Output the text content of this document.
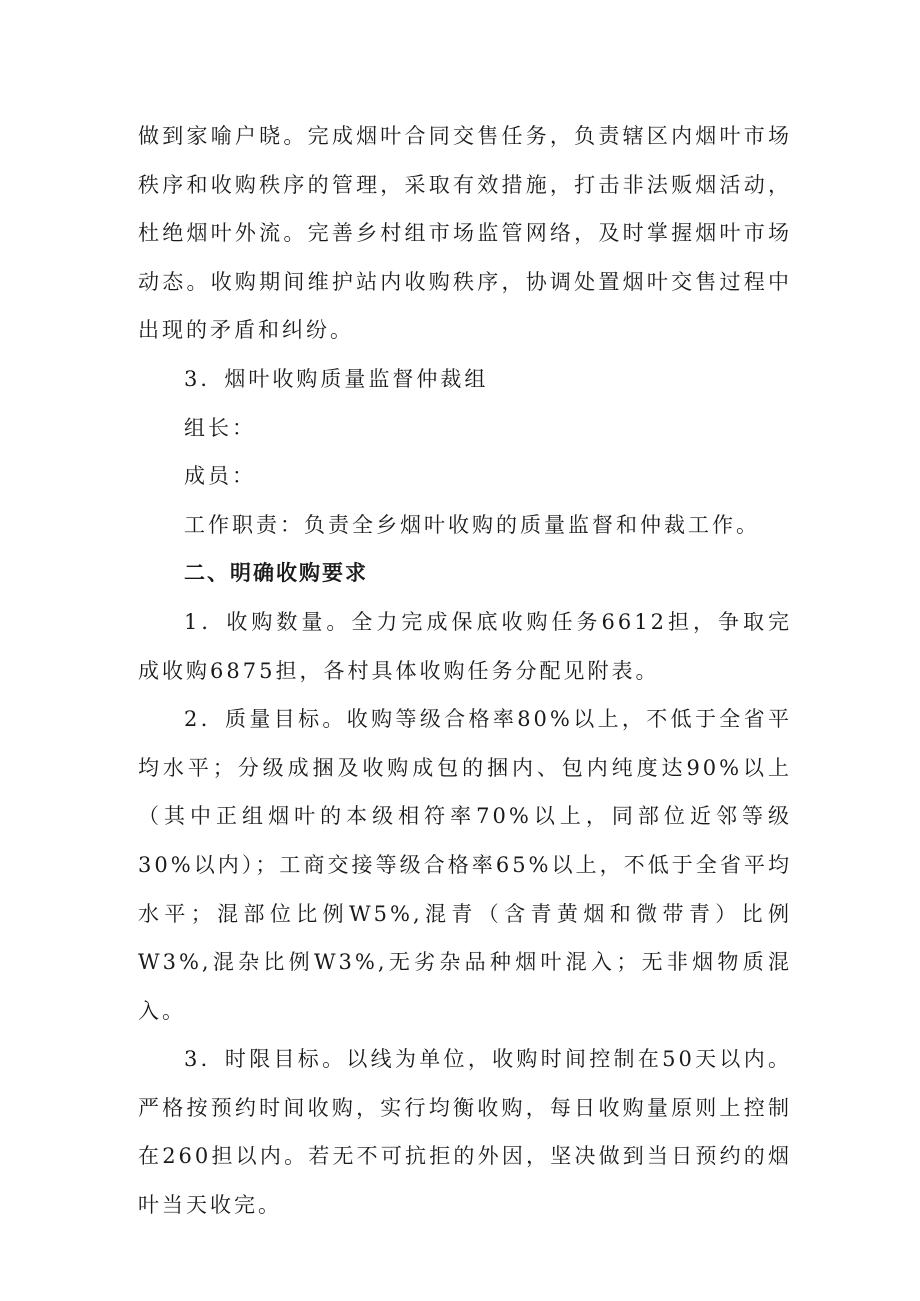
做到家喻户晓。完成烟叶合同交售任务，负责辖区内烟叶市场秩序和收购秩序的管理，采取有效措施，打击非法贩烟活动，杜绝烟叶外流。完善乡村组市场监管网络，及时掌握烟叶市场动态。收购期间维护站内收购秩序，协调处置烟叶交售过程中出现的矛盾和纠纷。

3．烟叶收购质量监督仲裁组

组长：

成员：

工作职责：负责全乡烟叶收购的质量监督和仲裁工作。

二、明确收购要求

1．收购数量。全力完成保底收购任务6612担，争取完成收购6875担，各村具体收购任务分配见附表。

2．质量目标。收购等级合格率80%以上，不低于全省平均水平；分级成捆及收购成包的捆内、包内纯度达90%以上（其中正组烟叶的本级相符率70%以上，同部位近邻等级30%以内）；工商交接等级合格率65%以上，不低于全省平均水平；混部位比例W5%,混青（含青黄烟和微带青）比例W3%,混杂比例W3%,无劣杂品种烟叶混入；无非烟物质混入。

3．时限目标。以线为单位，收购时间控制在50天以内。严格按预约时间收购，实行均衡收购，每日收购量原则上控制在260担以内。若无不可抗拒的外因，坚决做到当日预约的烟叶当天收完。
